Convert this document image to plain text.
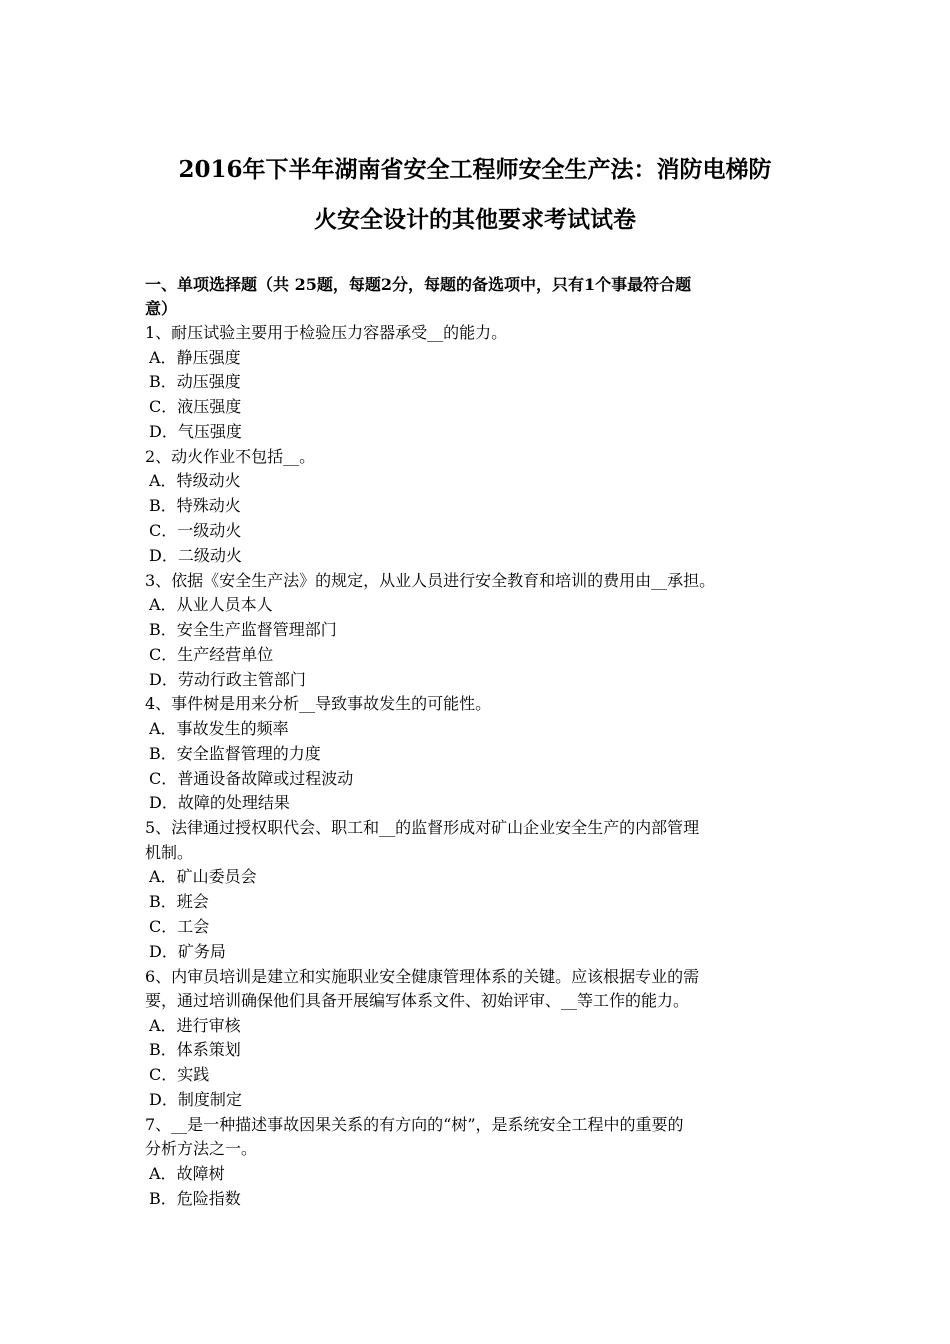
2016年下半年湖南省安全工程师安全生产法：消防电梯防
火安全设计的其他要求考试试卷
一、单项选择题（共 25题，每题2分，每题的备选项中，只有1个事最符合题
意）
1、耐压试验主要用于检验压力容器承受__的能力。
A．静压强度
B．动压强度
C．液压强度
D．气压强度
2、动火作业不包括__。
A．特级动火
B．特殊动火
C．一级动火
D．二级动火
3、依据《安全生产法》的规定，从业人员进行安全教育和培训的费用由__承担。
A．从业人员本人
B．安全生产监督管理部门
C．生产经营单位
D．劳动行政主管部门
4、事件树是用来分析__导致事故发生的可能性。
A．事故发生的频率
B．安全监督管理的力度
C．普通设备故障或过程波动
D．故障的处理结果
5、法律通过授权职代会、职工和__的监督形成对矿山企业安全生产的内部管理
机制。
A．矿山委员会
B．班会
C．工会
D．矿务局
6、内审员培训是建立和实施职业安全健康管理体系的关键。应该根据专业的需
要，通过培训确保他们具备开展编写体系文件、初始评审、__等工作的能力。
A．进行审核
B．体系策划
C．实践
D．制度制定
7、__是一种描述事故因果关系的有方向的“树”，是系统安全工程中的重要的
分析方法之一。
A．故障树
B．危险指数
